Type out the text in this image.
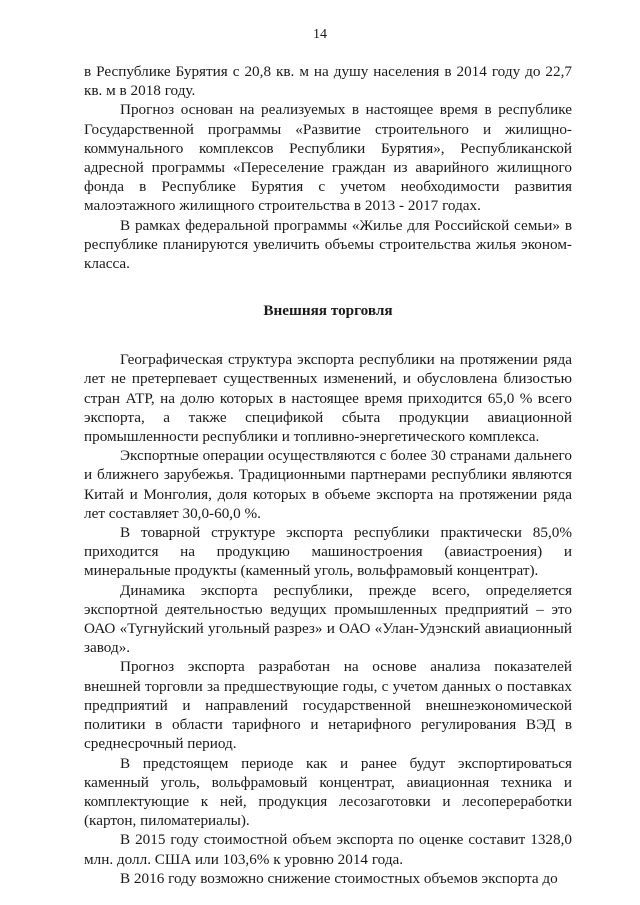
14

в Республике Бурятия с 20,8 кв. м на душу населения в 2014 году до 22,7 кв. м в 2018 году.

Прогноз основан на реализуемых в настоящее время в республике Государственной программы «Развитие строительного и жилищно-коммунального комплексов Республики Бурятия», Республиканской адресной программы «Переселение граждан из аварийного жилищного фонда в Республике Бурятия с учетом необходимости развития малоэтажного жилищного строительства в 2013 - 2017 годах.

В рамках федеральной программы «Жилье для Российской семьи» в республике планируются увеличить объемы строительства жилья эконом-класса.

Внешняя торговля

Географическая структура экспорта республики на протяжении ряда лет не претерпевает существенных изменений, и обусловлена близостью стран АТР, на долю которых в настоящее время приходится 65,0 % всего экспорта, а также спецификой сбыта продукции авиационной промышленности республики и топливно-энергетического комплекса.

Экспортные операции осуществляются с более 30 странами дальнего и ближнего зарубежья. Традиционными партнерами республики являются Китай и Монголия, доля которых в объеме экспорта на протяжении ряда лет составляет 30,0-60,0 %.

В товарной структуре экспорта республики практически 85,0% приходится на продукцию машиностроения (авиастроения) и минеральные продукты (каменный уголь, вольфрамовый концентрат).

Динамика экспорта республики, прежде всего, определяется экспортной деятельностью ведущих промышленных предприятий – это ОАО «Тугнуйский угольный разрез» и ОАО «Улан-Удэнский авиационный завод».

Прогноз экспорта разработан на основе анализа показателей внешней торговли за предшествующие годы, с учетом данных о поставках предприятий и направлений государственной внешнеэкономической политики в области тарифного и нетарифного регулирования ВЭД в среднесрочный период.

В предстоящем периоде как и ранее будут экспортироваться каменный уголь, вольфрамовый концентрат, авиационная техника и комплектующие к ней, продукция лесозаготовки и лесопереработки (картон, пиломатериалы).

В 2015 году стоимостной объем экспорта по оценке составит 1328,0 млн. долл. США или 103,6% к уровню 2014 года.

В 2016 году возможно снижение стоимостных объемов экспорта до
